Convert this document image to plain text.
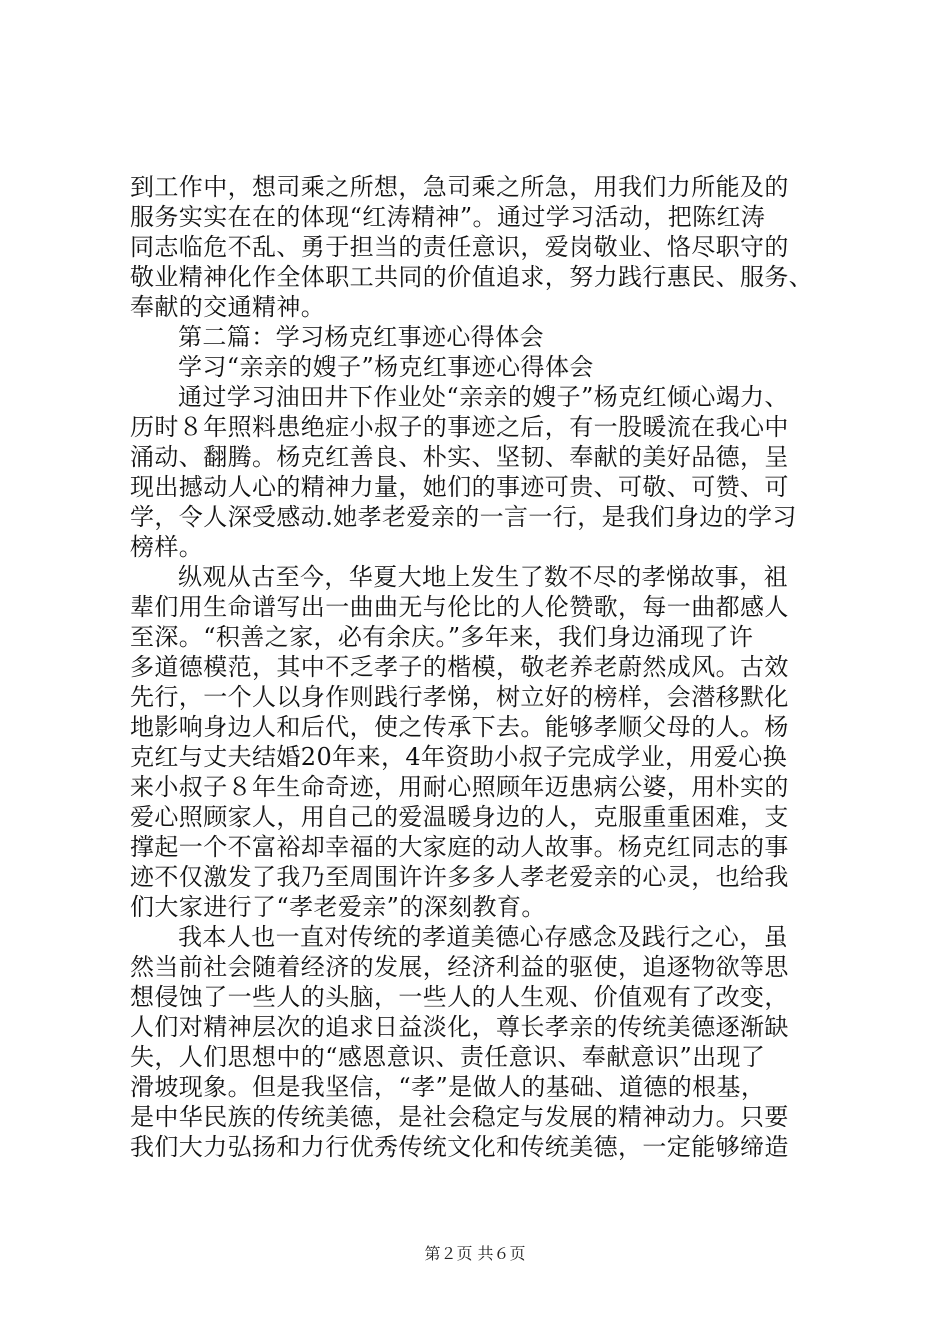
到工作中，想司乘之所想，急司乘之所急，用我们力所能及的
服务实实在在的体现“红涛精神”。通过学习活动，把陈红涛
同志临危不乱、勇于担当的责任意识，爱岗敬业、恪尽职守的
敬业精神化作全体职工共同的价值追求，努力践行惠民、服务、
奉献的交通精神。
第二篇：学习杨克红事迹心得体会
学习“亲亲的嫂子”杨克红事迹心得体会
通过学习油田井下作业处“亲亲的嫂子”杨克红倾心竭力、
历时８年照料患绝症小叔子的事迹之后，有一股暖流在我心中
涌动、翻腾。杨克红善良、朴实、坚韧、奉献的美好品德，呈
现出撼动人心的精神力量，她们的事迹可贵、可敬、可赞、可
学，令人深受感动.她孝老爱亲的一言一行，是我们身边的学习
榜样。
纵观从古至今，华夏大地上发生了数不尽的孝悌故事，祖
辈们用生命谱写出一曲曲无与伦比的人伦赞歌，每一曲都感人
至深。“积善之家，必有余庆。”多年来，我们身边涌现了许
多道德模范，其中不乏孝子的楷模，敬老养老蔚然成风。古效
先行，一个人以身作则践行孝悌，树立好的榜样，会潜移默化
地影响身边人和后代，使之传承下去。能够孝顺父母的人。杨
克红与丈夫结婚20年来，4年资助小叔子完成学业，用爱心换
来小叔子８年生命奇迹，用耐心照顾年迈患病公婆，用朴实的
爱心照顾家人，用自己的爱温暖身边的人，克服重重困难，支
撑起一个不富裕却幸福的大家庭的动人故事。杨克红同志的事
迹不仅激发了我乃至周围许许多多人孝老爱亲的心灵，也给我
们大家进行了“孝老爱亲”的深刻教育。
我本人也一直对传统的孝道美德心存感念及践行之心，虽
然当前社会随着经济的发展，经济利益的驱使，追逐物欲等思
想侵蚀了一些人的头脑，一些人的人生观、价值观有了改变，
人们对精神层次的追求日益淡化，尊长孝亲的传统美德逐渐缺
失，人们思想中的“感恩意识、责任意识、奉献意识”出现了
滑坡现象。但是我坚信，“孝”是做人的基础、道德的根基，
是中华民族的传统美德，是社会稳定与发展的精神动力。只要
我们大力弘扬和力行优秀传统文化和传统美德，一定能够缔造
第２页 共６页
